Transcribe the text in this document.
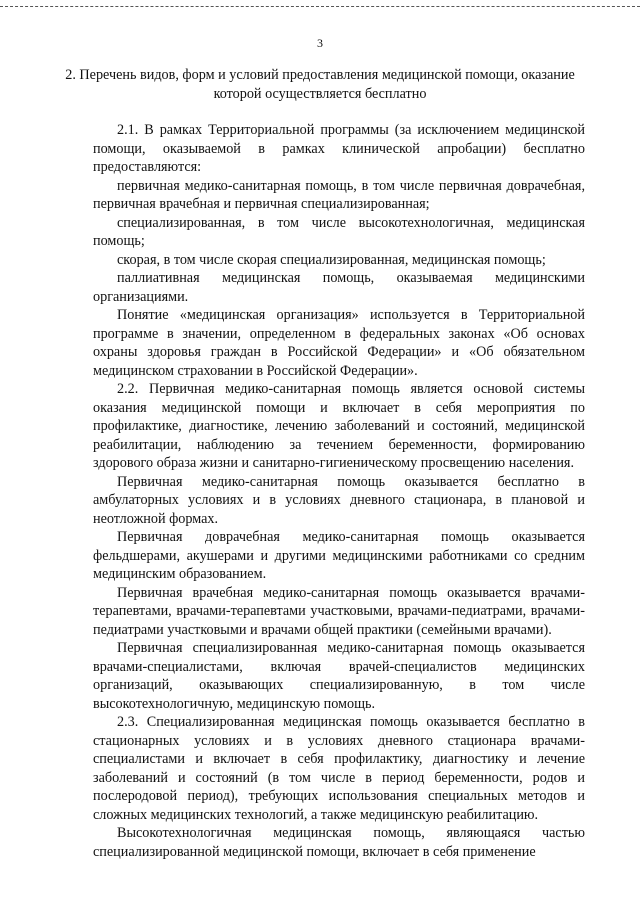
3
2. Перечень видов, форм и условий предоставления медицинской помощи, оказание которой осуществляется бесплатно

2.1. В рамках Территориальной программы (за исключением медицинской помощи, оказываемой в рамках клинической апробации) бесплатно предоставляются:

первичная медико-санитарная помощь, в том числе первичная доврачебная, первичная врачебная и первичная специализированная;

специализированная, в том числе высокотехнологичная, медицинская помощь;

скорая, в том числе скорая специализированная, медицинская помощь;

паллиативная медицинская помощь, оказываемая медицинскими организациями.

Понятие «медицинская организация» используется в Территориальной программе в значении, определенном в федеральных законах «Об основах охраны здоровья граждан в Российской Федерации» и «Об обязательном медицинском страховании в Российской Федерации».

2.2. Первичная медико-санитарная помощь является основой системы оказания медицинской помощи и включает в себя мероприятия по профилактике, диагностике, лечению заболеваний и состояний, медицинской реабилитации, наблюдению за течением беременности, формированию здорового образа жизни и санитарно-гигиеническому просвещению населения.

Первичная медико-санитарная помощь оказывается бесплатно в амбулаторных условиях и в условиях дневного стационара, в плановой и неотложной формах.

Первичная доврачебная медико-санитарная помощь оказывается фельдшерами, акушерами и другими медицинскими работниками со средним медицинским образованием.

Первичная врачебная медико-санитарная помощь оказывается врачами-терапевтами, врачами-терапевтами участковыми, врачами-педиатрами, врачами-педиатрами участковыми и врачами общей практики (семейными врачами).

Первичная специализированная медико-санитарная помощь оказывается врачами-специалистами, включая врачей-специалистов медицинских организаций, оказывающих специализированную, в том числе высокотехнологичную, медицинскую помощь.

2.3. Специализированная медицинская помощь оказывается бесплатно в стационарных условиях и в условиях дневного стационара врачами-специалистами и включает в себя профилактику, диагностику и лечение заболеваний и состояний (в том числе в период беременности, родов и послеродовой период), требующих использования специальных методов и сложных медицинских технологий, а также медицинскую реабилитацию.

Высокотехнологичная медицинская помощь, являющаяся частью специализированной медицинской помощи, включает в себя применение
